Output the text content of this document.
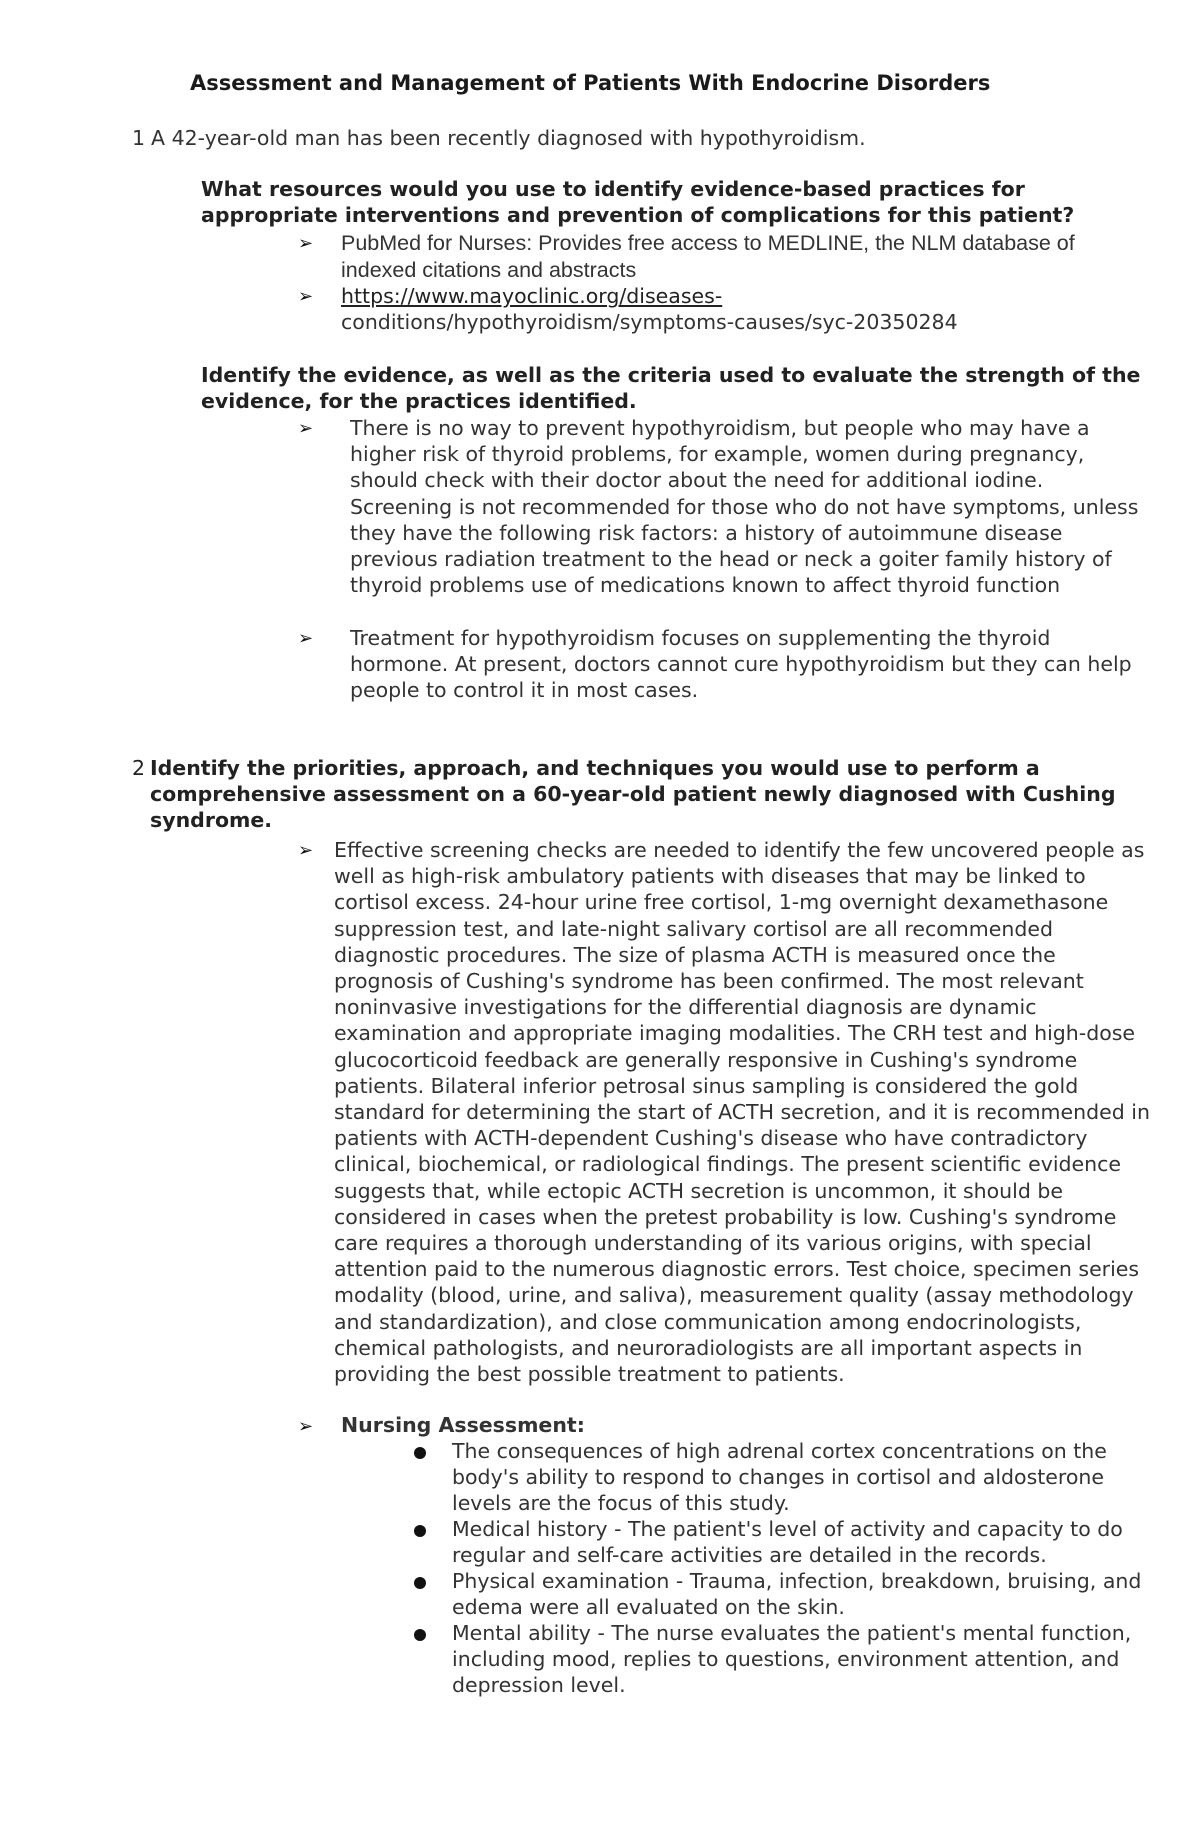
Assessment and Management of Patients With Endocrine Disorders
1 A 42-year-old man has been recently diagnosed with hypothyroidism.
What resources would you use to identify evidence-based practices for appropriate interventions and prevention of complications for this patient?
➢ PubMed for Nurses: Provides free access to MEDLINE, the NLM database of indexed citations and abstracts
➢ https://www.mayoclinic.org/diseases-
conditions/hypothyroidism/symptoms-causes/syc-20350284
Identify the evidence, as well as the criteria used to evaluate the strength of the evidence, for the practices identified.
➢ There is no way to prevent hypothyroidism, but people who may have a higher risk of thyroid problems, for example, women during pregnancy, should check with their doctor about the need for additional iodine. Screening is not recommended for those who do not have symptoms, unless they have the following risk factors: a history of autoimmune disease previous radiation treatment to the head or neck a goiter family history of thyroid problems use of medications known to affect thyroid function
➢ Treatment for hypothyroidism focuses on supplementing the thyroid hormone. At present, doctors cannot cure hypothyroidism but they can help people to control it in most cases.
2 Identify the priorities, approach, and techniques you would use to perform a comprehensive assessment on a 60-year-old patient newly diagnosed with Cushing syndrome.
➢ Effective screening checks are needed to identify the few uncovered people as well as high-risk ambulatory patients with diseases that may be linked to cortisol excess. 24-hour urine free cortisol, 1-mg overnight dexamethasone suppression test, and late-night salivary cortisol are all recommended diagnostic procedures. The size of plasma ACTH is measured once the prognosis of Cushing's syndrome has been confirmed. The most relevant noninvasive investigations for the differential diagnosis are dynamic examination and appropriate imaging modalities. The CRH test and high-dose glucocorticoid feedback are generally responsive in Cushing's syndrome patients. Bilateral inferior petrosal sinus sampling is considered the gold standard for determining the start of ACTH secretion, and it is recommended in patients with ACTH-dependent Cushing's disease who have contradictory clinical, biochemical, or radiological findings. The present scientific evidence suggests that, while ectopic ACTH secretion is uncommon, it should be considered in cases when the pretest probability is low. Cushing's syndrome care requires a thorough understanding of its various origins, with special attention paid to the numerous diagnostic errors. Test choice, specimen series modality (blood, urine, and saliva), measurement quality (assay methodology and standardization), and close communication among endocrinologists, chemical pathologists, and neuroradiologists are all important aspects in providing the best possible treatment to patients.
➢ Nursing Assessment:
The consequences of high adrenal cortex concentrations on the body's ability to respond to changes in cortisol and aldosterone levels are the focus of this study.
Medical history - The patient's level of activity and capacity to do regular and self-care activities are detailed in the records.
Physical examination - Trauma, infection, breakdown, bruising, and edema were all evaluated on the skin.
Mental ability - The nurse evaluates the patient's mental function, including mood, replies to questions, environment attention, and depression level.
